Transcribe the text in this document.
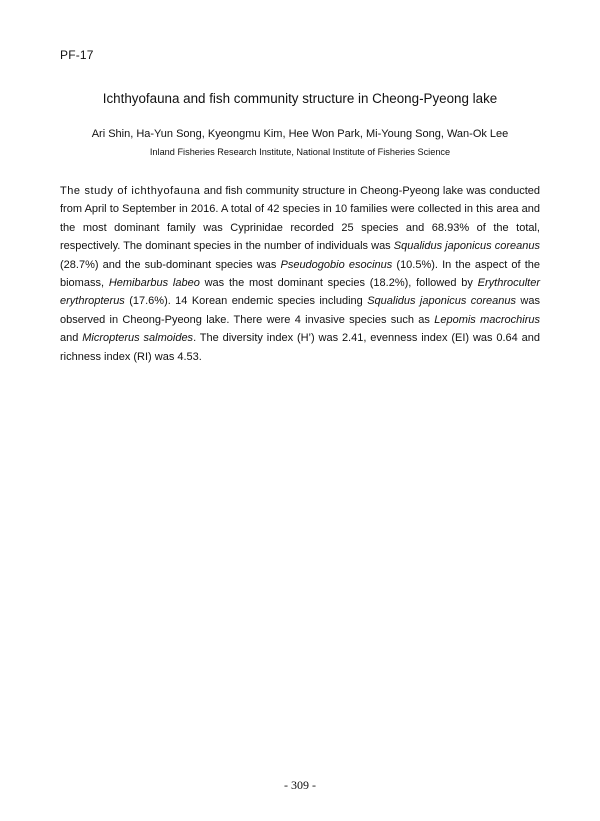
PF-17
Ichthyofauna and fish community structure in Cheong-Pyeong lake
Ari Shin, Ha-Yun Song, Kyeongmu Kim, Hee Won Park, Mi-Young Song, Wan-Ok Lee
Inland Fisheries Research Institute, National Institute of Fisheries Science

The study of ichthyofauna and fish community structure in Cheong-Pyeong lake was conducted from April to September in 2016. A total of 42 species in 10 families were collected in this area and the most dominant family was Cyprinidae recorded 25 species and 68.93% of the total, respectively. The dominant species in the number of individuals was Squalidus japonicus coreanus (28.7%) and the sub-dominant species was Pseudogobio esocinus (10.5%). In the aspect of the biomass, Hemibarbus labeo was the most dominant species (18.2%), followed by Erythroculter erythropterus (17.6%). 14 Korean endemic species including Squalidus japonicus coreanus was observed in Cheong-Pyeong lake. There were 4 invasive species such as Lepomis macrochirus and Micropterus salmoides. The diversity index (H’) was 2.41, evenness index (EI) was 0.64 and richness index (RI) was 4.53.

- 309 -
